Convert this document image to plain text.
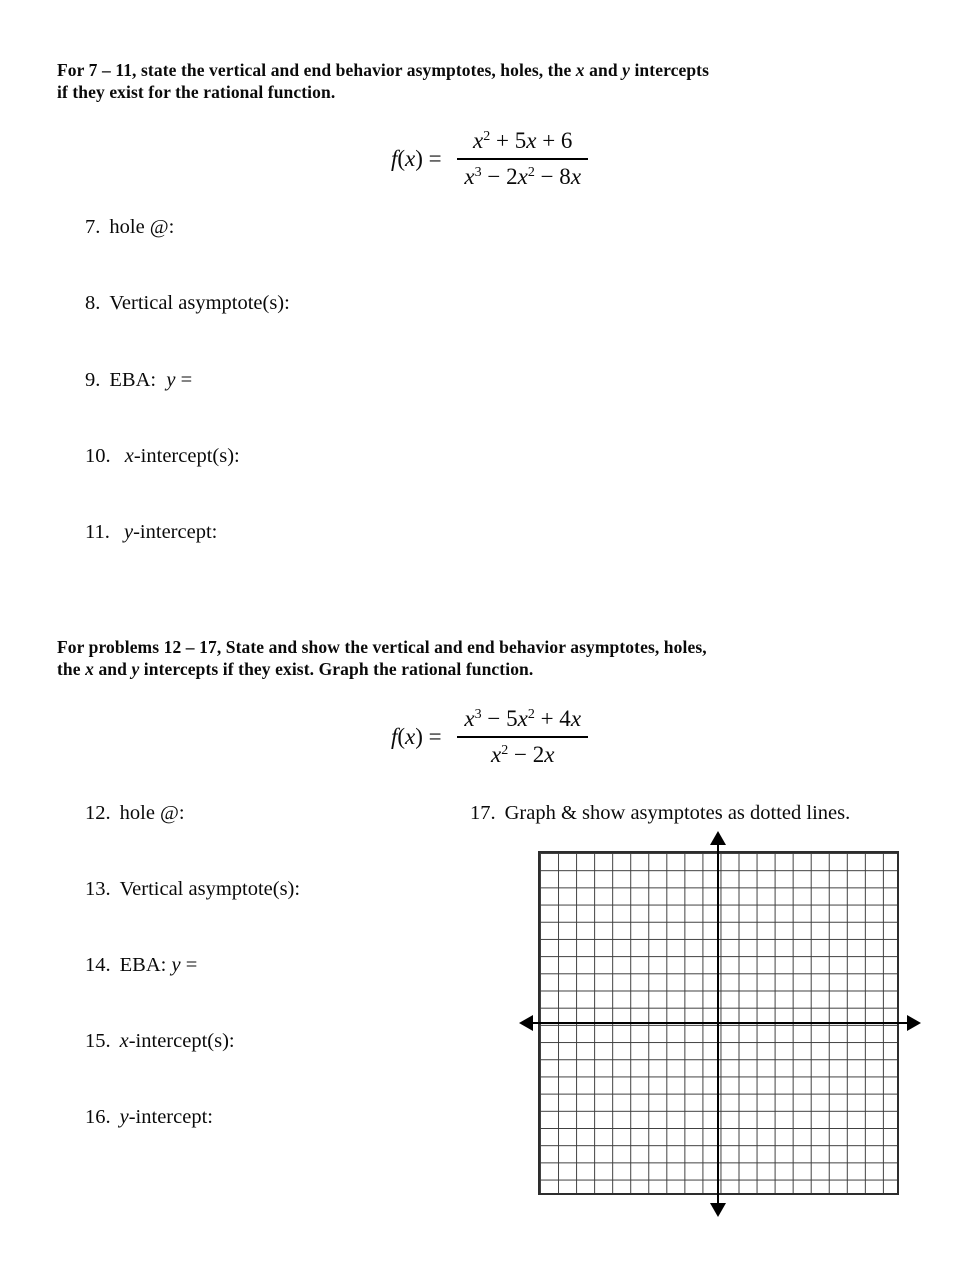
For 7 – 11, state the vertical and end behavior asymptotes, holes, the x and y intercepts
if they exist for the rational function.
f ( x ) = $\frac{x^2 + 5x + 6}{x^3 - 2x^2 - 8x}$
7. hole @:
8. Vertical asymptote(s):
9. EBA:  y =
10. x-intercept(s):
11. y-intercept:
For problems 12 – 17, State and show the vertical and end behavior asymptotes, holes,
the x and y intercepts if they exist. Graph the rational function.
f ( x ) = $\frac{x^3 - 5x^2 + 4x}{x^2 - 2x}$
12. hole @:
13. Vertical asymptote(s):
14. EBA: y =
15. x-intercept(s):
16. y-intercept:
17. Graph & show asymptotes as dotted lines.
